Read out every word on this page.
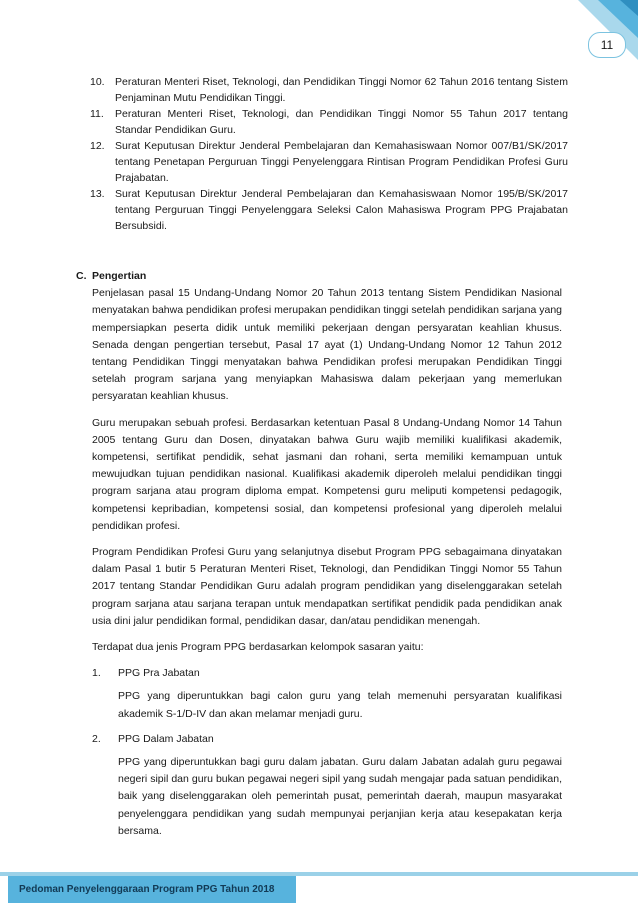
11
10. Peraturan Menteri Riset, Teknologi, dan Pendidikan Tinggi Nomor 62 Tahun 2016 tentang Sistem Penjaminan Mutu Pendidikan Tinggi.
11. Peraturan Menteri Riset, Teknologi, dan Pendidikan Tinggi Nomor 55 Tahun 2017 tentang Standar Pendidikan Guru.
12. Surat Keputusan Direktur Jenderal Pembelajaran dan Kemahasiswaan Nomor 007/B1/SK/2017 tentang Penetapan Perguruan Tinggi Penyelenggara Rintisan Program Pendidikan Profesi Guru Prajabatan.
13. Surat Keputusan Direktur Jenderal Pembelajaran dan Kemahasiswaan Nomor 195/B/SK/2017 tentang Perguruan Tinggi Penyelenggara Seleksi Calon Mahasiswa Program PPG Prajabatan Bersubsidi.
C. Pengertian

Penjelasan pasal 15 Undang-Undang Nomor 20 Tahun 2013 tentang Sistem Pendidikan Nasional menyatakan bahwa pendidikan profesi merupakan pendidikan tinggi setelah pendidikan sarjana yang mempersiapkan peserta didik untuk memiliki pekerjaan dengan persyaratan keahlian khusus. Senada dengan pengertian tersebut, Pasal 17 ayat (1) Undang-Undang Nomor 12 Tahun 2012 tentang Pendidikan Tinggi menyatakan bahwa Pendidikan profesi merupakan Pendidikan Tinggi setelah program sarjana yang menyiapkan Mahasiswa dalam pekerjaan yang memerlukan persyaratan keahlian khusus.

Guru merupakan sebuah profesi. Berdasarkan ketentuan Pasal 8 Undang-Undang Nomor 14 Tahun 2005 tentang Guru dan Dosen, dinyatakan bahwa Guru wajib memiliki kualifikasi akademik, kompetensi, sertifikat pendidik, sehat jasmani dan rohani, serta memiliki kemampuan untuk mewujudkan tujuan pendidikan nasional. Kualifikasi akademik diperoleh melalui pendidikan tinggi program sarjana atau program diploma empat. Kompetensi guru meliputi kompetensi pedagogik, kompetensi kepribadian, kompetensi sosial, dan kompetensi profesional yang diperoleh melalui pendidikan profesi.

Program Pendidikan Profesi Guru yang selanjutnya disebut Program PPG sebagaimana dinyatakan dalam Pasal 1 butir 5 Peraturan Menteri Riset, Teknologi, dan Pendidikan Tinggi Nomor 55 Tahun 2017 tentang Standar Pendidikan Guru adalah program pendidikan yang diselenggarakan setelah program sarjana atau sarjana terapan untuk mendapatkan sertifikat pendidik pada pendidikan anak usia dini jalur pendidikan formal, pendidikan dasar, dan/atau pendidikan menengah.

Terdapat dua jenis Program PPG berdasarkan kelompok sasaran yaitu:

1. PPG Pra Jabatan
PPG yang diperuntukkan bagi calon guru yang telah memenuhi persyaratan kualifikasi akademik S-1/D-IV dan akan melamar menjadi guru.
2. PPG Dalam Jabatan
PPG yang diperuntukkan bagi guru dalam jabatan. Guru dalam Jabatan adalah guru pegawai negeri sipil dan guru bukan pegawai negeri sipil yang sudah mengajar pada satuan pendidikan, baik yang diselenggarakan oleh pemerintah pusat, pemerintah daerah, maupun masyarakat penyelenggara pendidikan yang sudah mempunyai perjanjian kerja atau kesepakatan kerja bersama.
Pedoman Penyelenggaraan Program PPG Tahun 2018
